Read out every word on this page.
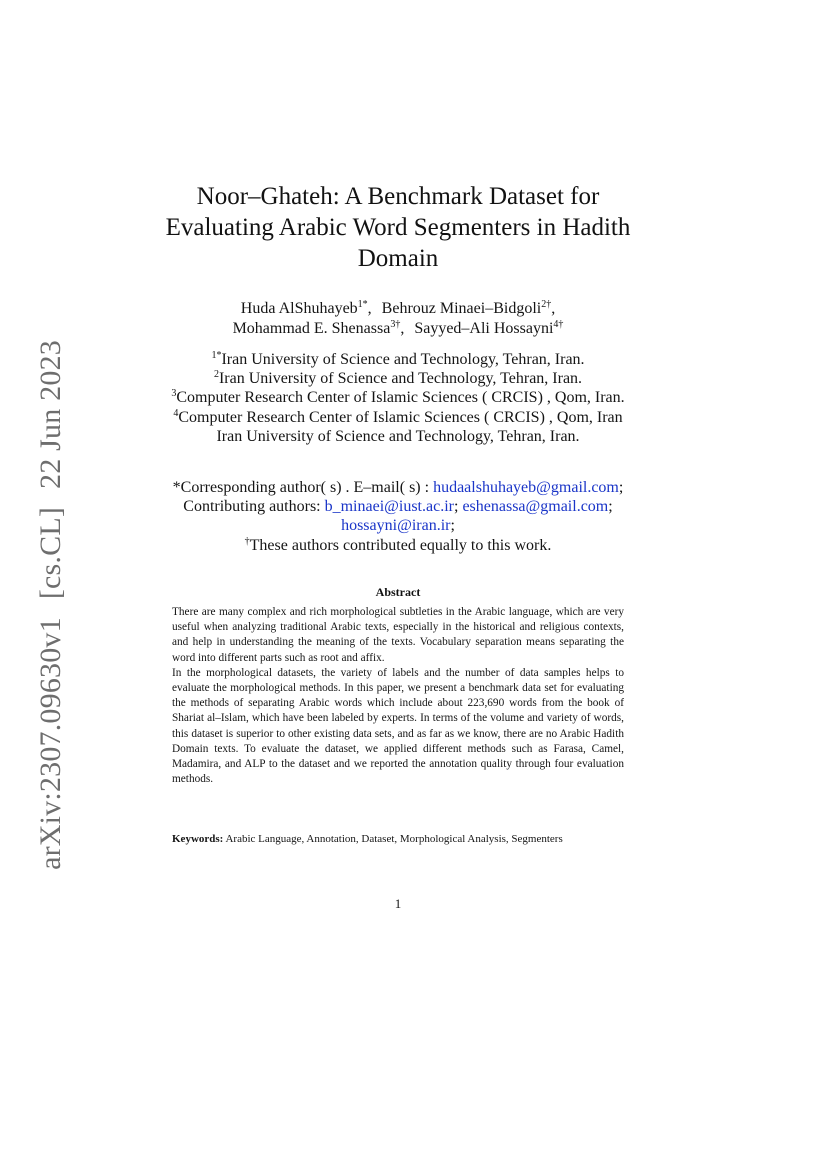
arXiv:2307.09630v1[cs.CL]22 Jun 2023
Noor–Ghateh: A Benchmark Dataset for
Evaluating Arabic Word Segmenters in Hadith
Domain
Huda AlShuhayeb$^{1*}$, Behrouz Minaei–Bidgoli$^{2\dagger}$,
Mohammad E. Shenassa$^{3\dagger}$, Sayyed–Ali Hossayni$^{4\dagger}$
$^{1*}$Iran University of Science and Technology, Tehran, Iran.
$^2$Iran University of Science and Technology, Tehran, Iran.
$^3$Computer Research Center of Islamic Sciences ( CRCIS) , Qom, Iran.
$^4$Computer Research Center of Islamic Sciences ( CRCIS) , Qom, Iran
Iran University of Science and Technology, Tehran, Iran.
*Corresponding author( s) . E–mail( s) : hudaalshuhayeb@gmail.com;
Contributing authors: b_minaei@iust.ac.ir; eshenassa@gmail.com;
hossayni@iran.ir;
†These authors contributed equally to this work.
Abstract

There are many complex and rich morphological subtleties in the Arabic language, which are very useful when analyzing traditional Arabic texts, especially in the historical and religious contexts, and help in understanding the meaning of the texts. Vocabulary separation means separating the word into different parts such as root and affix.

In the morphological datasets, the variety of labels and the number of data samples helps to evaluate the morphological methods. In this paper, we present a benchmark data set for evaluating the methods of separating Arabic words which include about 223,690 words from the book of Shariat al–Islam, which have been labeled by experts. In terms of the volume and variety of words, this dataset is superior to other existing data sets, and as far as we know, there are no Arabic Hadith Domain texts. To evaluate the dataset, we applied different methods such as Farasa, Camel, Madamira, and ALP to the dataset and we reported the annotation quality through four evaluation methods.

Keywords: Arabic Language, Annotation, Dataset, Morphological Analysis, Segmenters
1
